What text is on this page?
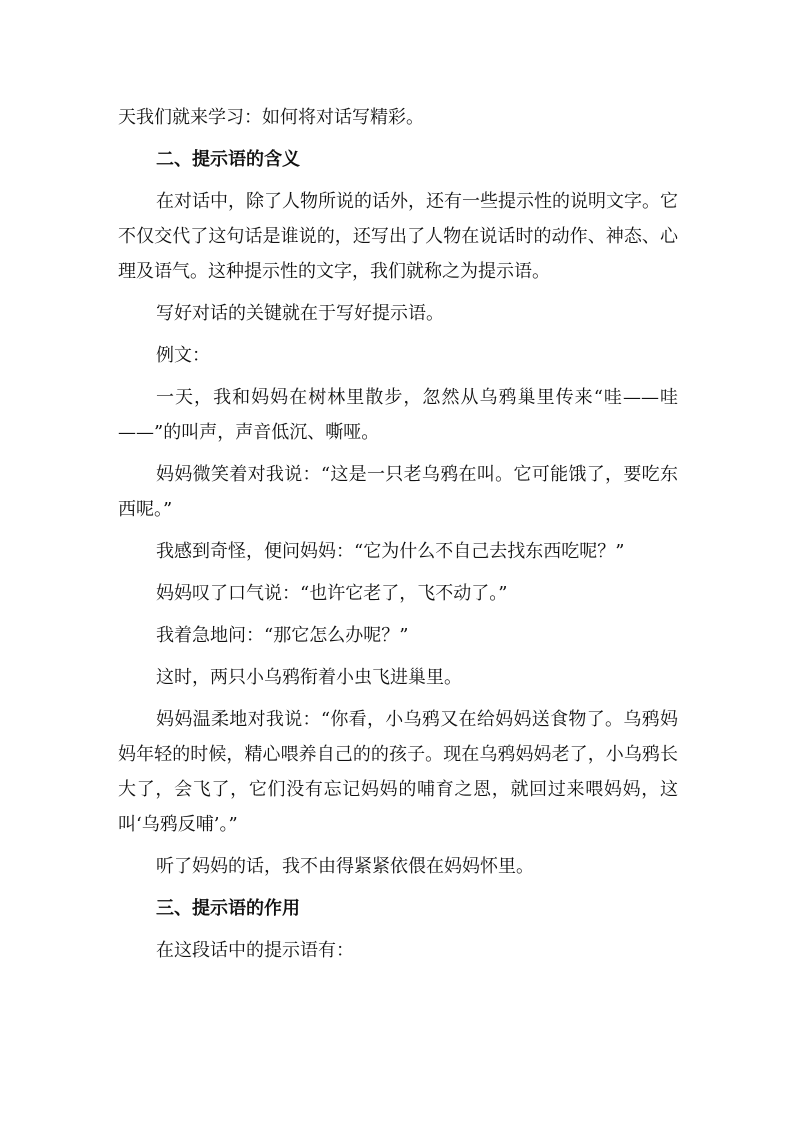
天我们就来学习：如何将对话写精彩。

二、提示语的含义

在对话中，除了人物所说的话外，还有一些提示性的说明文字。它不仅交代了这句话是谁说的，还写出了人物在说话时的动作、神态、心理及语气。这种提示性的文字，我们就称之为提示语。

写好对话的关键就在于写好提示语。

例文：

一天，我和妈妈在树林里散步，忽然从乌鸦巢里传来“哇——哇——”的叫声，声音低沉、嘶哑。

妈妈微笑着对我说：“这是一只老乌鸦在叫。它可能饿了，要吃东西呢。”

我感到奇怪，便问妈妈：“它为什么不自己去找东西吃呢？”

妈妈叹了口气说：“也许它老了，飞不动了。”

我着急地问：“那它怎么办呢？”

这时，两只小乌鸦衔着小虫飞进巢里。

妈妈温柔地对我说：“你看，小乌鸦又在给妈妈送食物了。乌鸦妈妈年轻的时候，精心喂养自己的的孩子。现在乌鸦妈妈老了，小乌鸦长大了，会飞了，它们没有忘记妈妈的哺育之恩，就回过来喂妈妈，这叫‘乌鸦反哺’。”

听了妈妈的话，我不由得紧紧依偎在妈妈怀里。

三、提示语的作用

在这段话中的提示语有：
